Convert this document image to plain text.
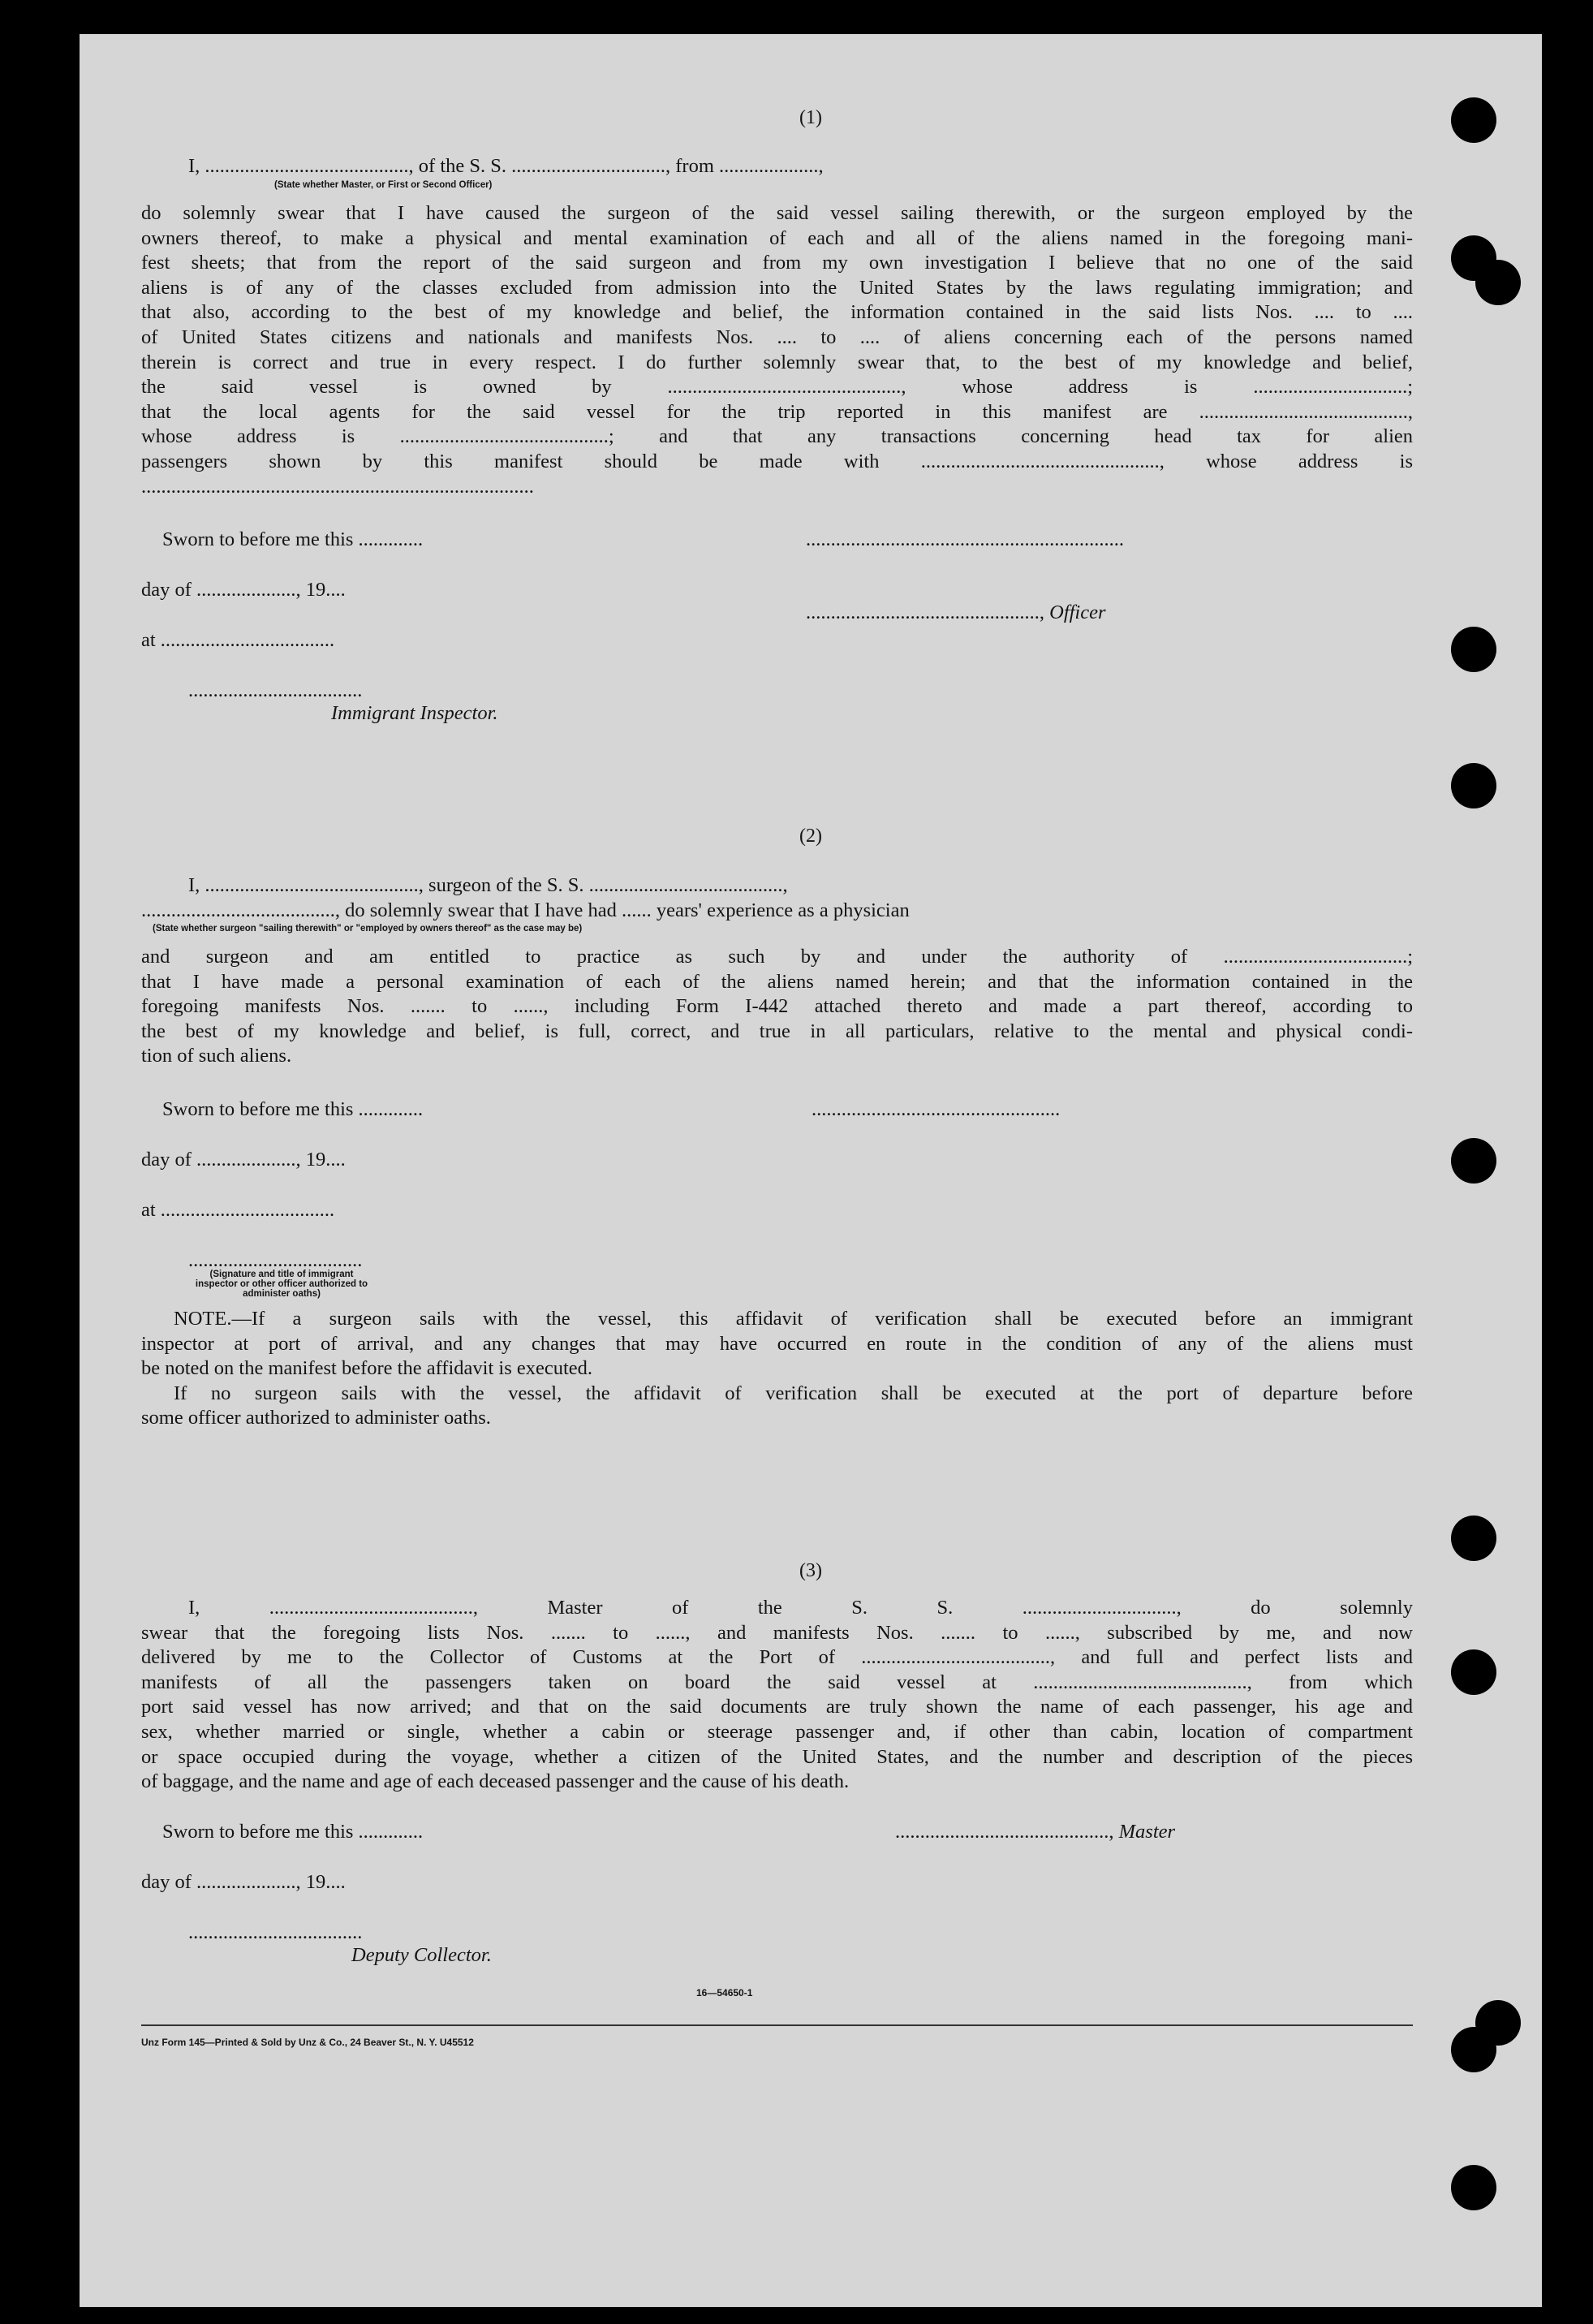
(1)
I, ........................................., of the S. S. ..............................., from ....................,
(State whether Master, or First or Second Officer)
do solemnly swear that I have caused the surgeon of the said vessel sailing therewith, or the surgeon employed by the
owners thereof, to make a physical and mental examination of each and all of the aliens named in the foregoing mani-
fest sheets; that from the report of the said surgeon and from my own investigation I believe that no one of the said
aliens is of any of the classes excluded from admission into the United States by the laws regulating immigration; and
that also, according to the best of my knowledge and belief, the information contained in the said lists Nos. .... to ....
of United States citizens and nationals and manifests Nos. .... to .... of aliens concerning each of the persons named
therein is correct and true in every respect. I do further solemnly swear that, to the best of my knowledge and belief,
the said vessel is owned by ..............................................., whose address is ...............................;
that the local agents for the said vessel for the trip reported in this manifest are ..........................................,
whose address is ..........................................; and that any transactions concerning head tax for alien
passengers shown by this manifest should be made with ................................................, whose address is
...............................................................................
Sworn to before me this .............	................................................................
day of ...................., 19....
..............................................., Officer
at ...................................
...................................
Immigrant Inspector.
(2)
I, ..........................................., surgeon of the S. S. .......................................,
......................................., do solemnly swear that I have had ...... years' experience as a physician
(State whether surgeon "sailing therewith" or "employed by owners thereof" as the case may be)
and surgeon and am entitled to practice as such by and under the authority of .....................................;
that I have made a personal examination of each of the aliens named herein; and that the information contained in the
foregoing manifests Nos. ....... to ......, including Form I-442 attached thereto and made a part thereof, according to
the best of my knowledge and belief, is full, correct, and true in all particulars, relative to the mental and physical condi-
tion of such aliens.
Sworn to before me this .............	..................................................
day of ...................., 19....
at ...................................
...................................
(Signature and title of immigrant inspector or other officer authorized to administer oaths)
NOTE.—If a surgeon sails with the vessel, this affidavit of verification shall be executed before an immigrant
inspector at port of arrival, and any changes that may have occurred en route in the condition of any of the aliens must
be noted on the manifest before the affidavit is executed.
If no surgeon sails with the vessel, the affidavit of verification shall be executed at the port of departure before
some officer authorized to administer oaths.
(3)
I, ........................................., Master of the S. S. ..............................., do solemnly
swear that the foregoing lists Nos. ....... to ......, and manifests Nos. ....... to ......, subscribed by me, and now
delivered by me to the Collector of Customs at the Port of ......................................, and full and perfect lists and
manifests of all the passengers taken on board the said vessel at ..........................................., from which
port said vessel has now arrived; and that on the said documents are truly shown the name of each passenger, his age and
sex, whether married or single, whether a cabin or steerage passenger and, if other than cabin, location of compartment
or space occupied during the voyage, whether a citizen of the United States, and the number and description of the pieces
of baggage, and the name and age of each deceased passenger and the cause of his death.
Sworn to before me this .............	..........................................., Master
day of ...................., 19....
...................................
Deputy Collector.
16—54650-1
Unz Form 145—Printed & Sold by Unz & Co., 24 Beaver St., N. Y. U45512
